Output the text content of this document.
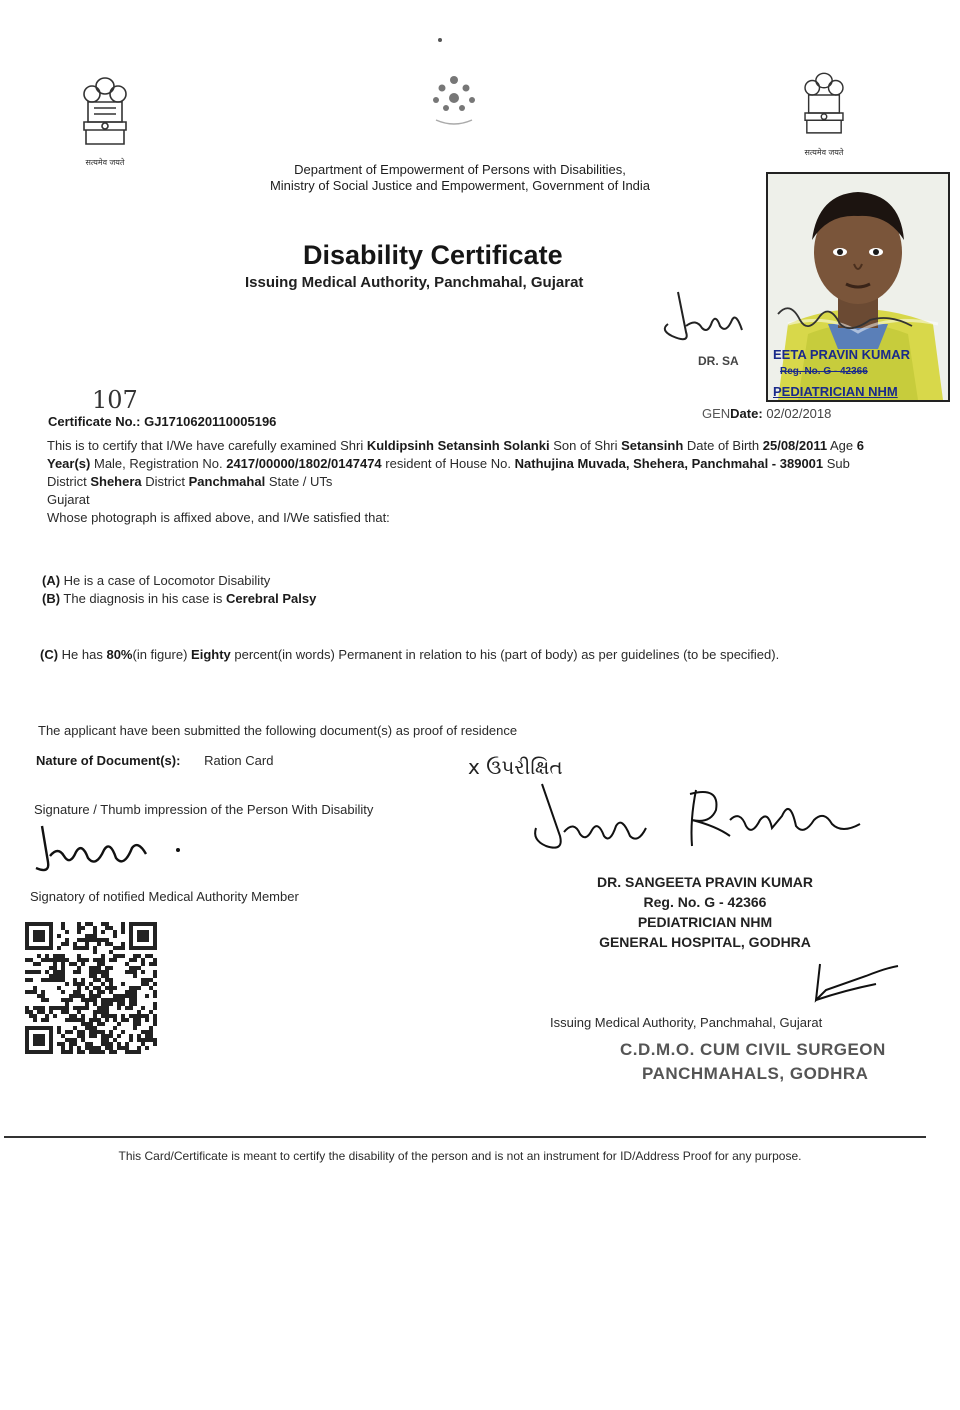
सत्यमेव जयते
सत्यमेव जयते
Department of Empowerment of Persons with Disabilities,
Ministry of Social Justice and Empowerment, Government of India
Disability Certificate
Issuing Medical Authority, Panchmahal, Gujarat
EETA PRAVIN KUMAR
Reg. No. G - 42366
PEDIATRICIAN NHM
DR. SA
107
Certificate No.: GJ1710620110005196
GENDate: 02/02/2018
This is to certify that I/We have carefully examined Shri Kuldipsinh Setansinh Solanki Son of Shri Setansinh Date of Birth 25/08/2011 Age 6 Year(s) Male, Registration No. 2417/00000/1802/0147474 resident of House No. Nathujina Muvada, Shehera, Panchmahal - 389001 Sub District Shehera District Panchmahal State / UTs
Gujarat
Whose photograph is affixed above, and I/We satisfied that:
(A) He is a case of Locomotor Disability
(B) The diagnosis in his case is Cerebral Palsy
(C) He has 80%(in figure) Eighty percent(in words) Permanent in relation to his (part of body) as per guidelines (to be specified).
The applicant have been submitted the following document(s) as proof of residence
Nature of Document(s): Ration Card
Signature / Thumb impression of the Person With Disability
Signatory of notified Medical Authority Member
x ઉપરીક્ષિત
DR. SANGEETA PRAVIN KUMAR
Reg. No. G - 42366
PEDIATRICIAN NHM
GENERAL HOSPITAL, GODHRA
Issuing Medical Authority, Panchmahal, Gujarat
C.D.M.O. CUM CIVIL SURGEON
PANCHMAHALS, GODHRA
This Card/Certificate is meant to certify the disability of the person and is not an instrument for ID/Address Proof for any purpose.
